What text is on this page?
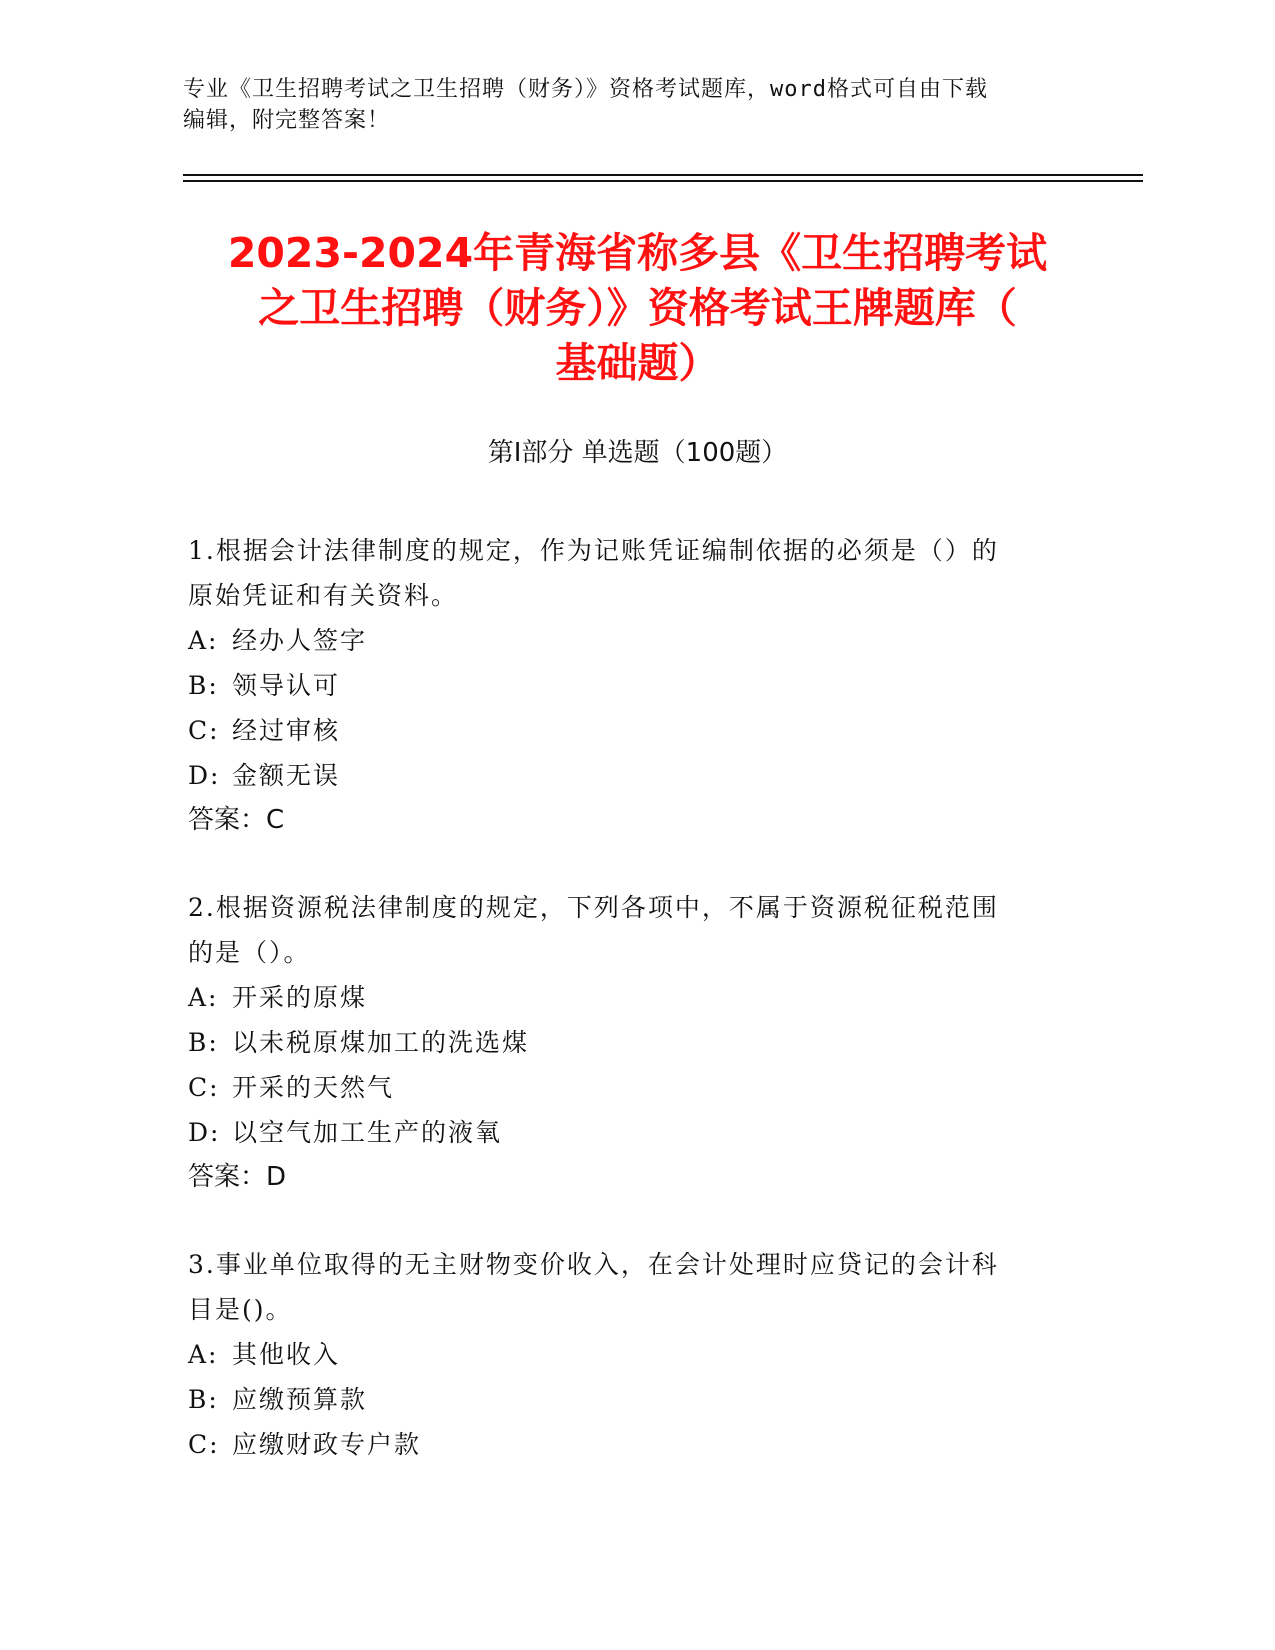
专业《卫生招聘考试之卫生招聘（财务）》资格考试题库，word格式可自由下载
编辑，附完整答案！
2023-2024年青海省称多县《卫生招聘考试
之卫生招聘（财务）》资格考试王牌题库（
基础题）
第Ⅰ部分 单选题（100题）

1.根据会计法律制度的规定，作为记账凭证编制依据的必须是（）的

原始凭证和有关资料。

A: 经办人签字

B: 领导认可

C: 经过审核

D: 金额无误

答案：C

2.根据资源税法律制度的规定，下列各项中，不属于资源税征税范围

的是（）。

A: 开采的原煤

B: 以未税原煤加工的洗选煤

C: 开采的天然气

D: 以空气加工生产的液氧

答案：D

3.事业单位取得的无主财物变价收入，在会计处理时应贷记的会计科

目是()。

A: 其他收入

B: 应缴预算款

C: 应缴财政专户款
